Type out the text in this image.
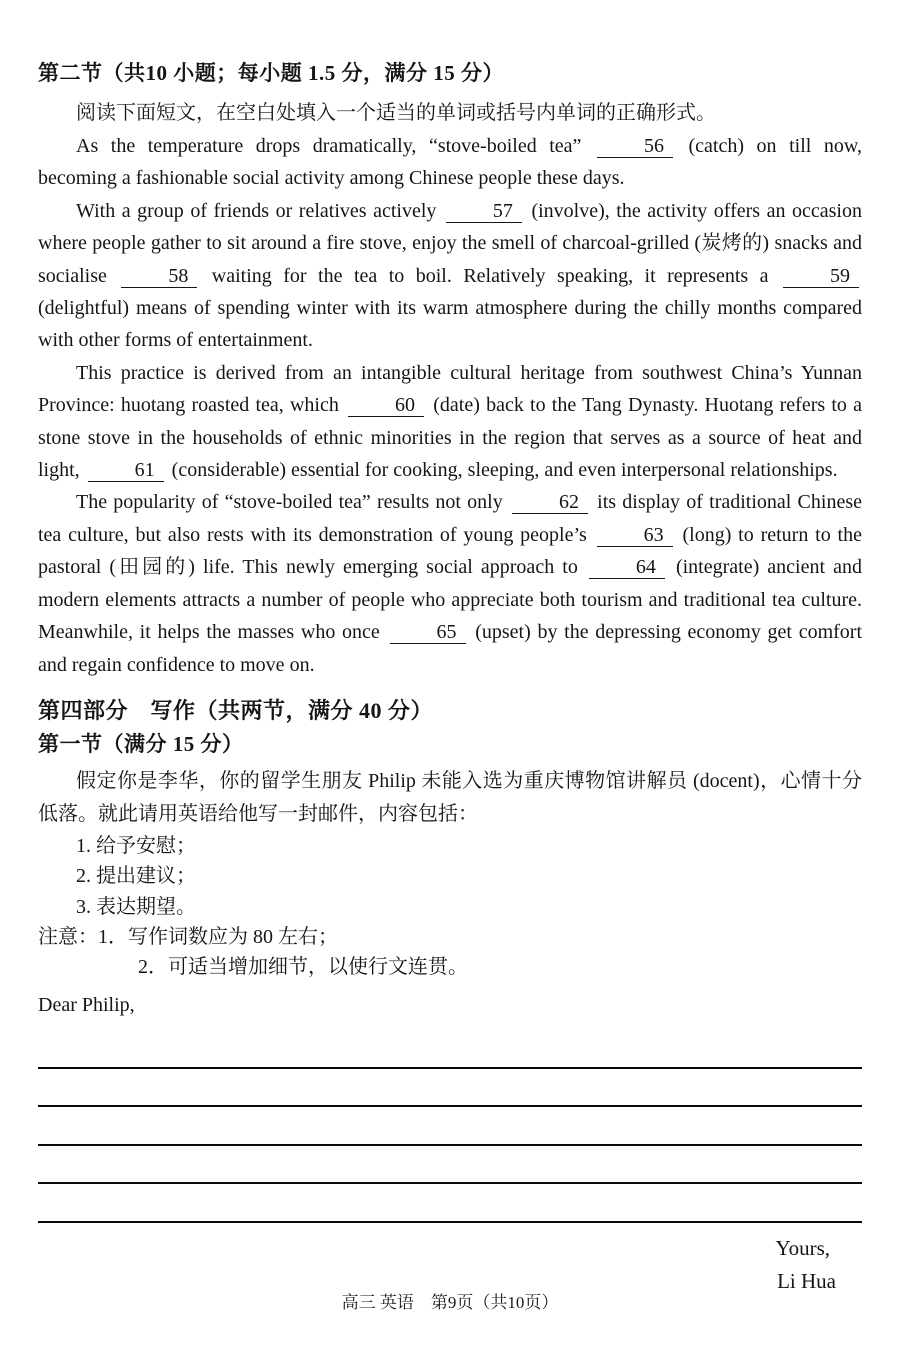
第二节（共10 小题；每小题 1.5 分，满分 15 分）
阅读下面短文，在空白处填入一个适当的单词或括号内单词的正确形式。

As the temperature drops dramatically, “stove-boiled tea”	56 (catch) on till now, becoming a fashionable social activity among Chinese people these days.

With a group of friends or relatives actively	57 (involve), the activity offers an occasion where people gather to sit around a fire stove, enjoy the smell of charcoal-grilled (炭烤的) snacks and socialise	58 waiting for the tea to boil. Relatively speaking, it represents a	59 (delightful) means of spending winter with its warm atmosphere during the chilly months compared with other forms of entertainment.

This practice is derived from an intangible cultural heritage from southwest China’s Yunnan Province: huotang roasted tea, which	60 (date) back to the Tang Dynasty. Huotang refers to a stone stove in the households of ethnic minorities in the region that serves as a source of heat and light,	61 (considerable) essential for cooking, sleeping, and even interpersonal relationships.

The popularity of “stove-boiled tea” results not only	62 its display of traditional Chinese tea culture, but also rests with its demonstration of young people’s	63 (long) to return to the pastoral (田园的) life. This newly emerging social approach to	64 (integrate) ancient and modern elements attracts a number of people who appreciate both tourism and traditional tea culture. Meanwhile, it helps the masses who once	65 (upset) by the depressing economy get comfort and regain confidence to move on.

第四部分　写作（共两节，满分 40 分）
第一节（满分 15 分）

假定你是李华，你的留学生朋友 Philip 未能入选为重庆博物馆讲解员 (docent)，心情十分低落。就此请用英语给他写一封邮件，内容包括：

1. 给予安慰；
2. 提出建议；
3. 表达期望。
注意：1．写作词数应为 80 左右；
2．可适当增加细节，以使行文连贯。
Dear Philip,
Yours,
Li Hua
高三 英语　第9页（共10页）
